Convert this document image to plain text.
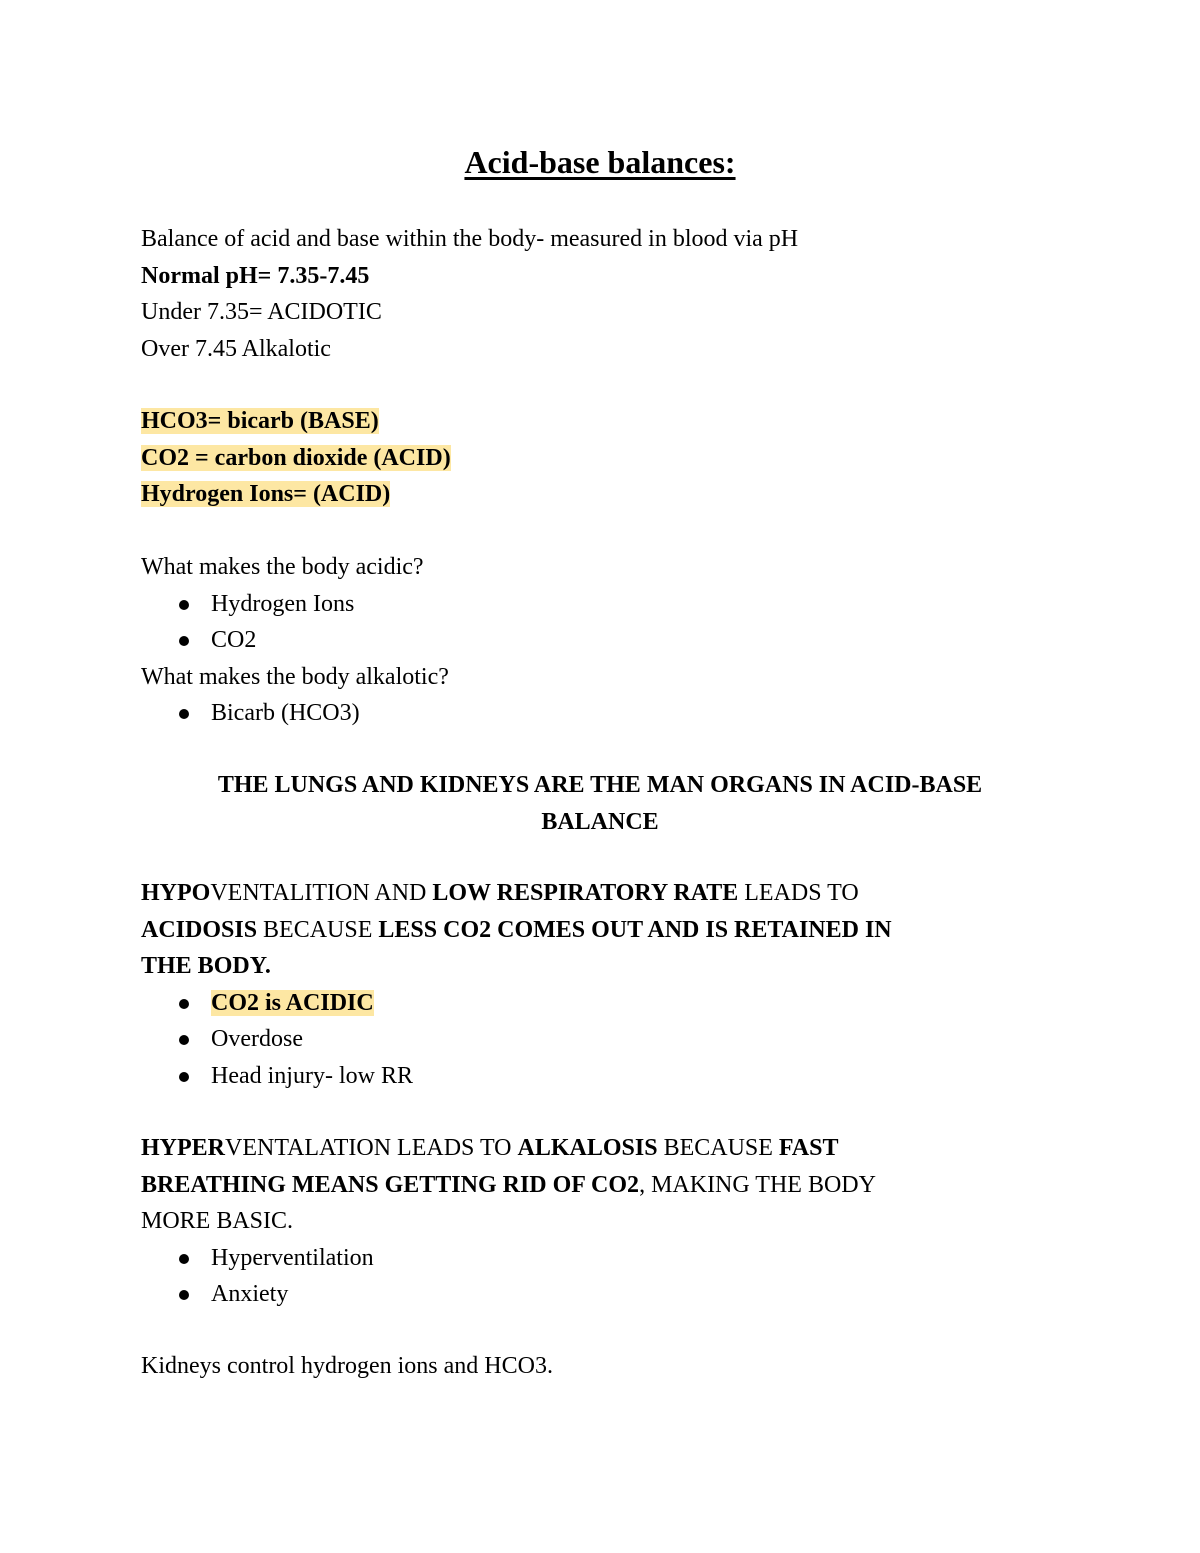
Acid-base balances:
Balance of acid and base within the body- measured in blood via pH
Normal pH= 7.35-7.45
Under 7.35= ACIDOTIC
Over 7.45 Alkalotic
HCO3= bicarb (BASE)
CO2 = carbon dioxide (ACID)
Hydrogen Ions= (ACID)
What makes the body acidic?
Hydrogen Ions
CO2
What makes the body alkalotic?
Bicarb (HCO3)
THE LUNGS AND KIDNEYS ARE THE MAN ORGANS IN ACID-BASE
BALANCE
HYPOVENTALITION AND LOW RESPIRATORY RATE LEADS TO
ACIDOSIS BECAUSE LESS CO2 COMES OUT AND IS RETAINED IN
THE BODY.
CO2 is ACIDIC
Overdose
Head injury- low RR
HYPERVENTALATION LEADS TO ALKALOSIS BECAUSE FAST
BREATHING MEANS GETTING RID OF CO2, MAKING THE BODY
MORE BASIC.
Hyperventilation
Anxiety
Kidneys control hydrogen ions and HCO3.
